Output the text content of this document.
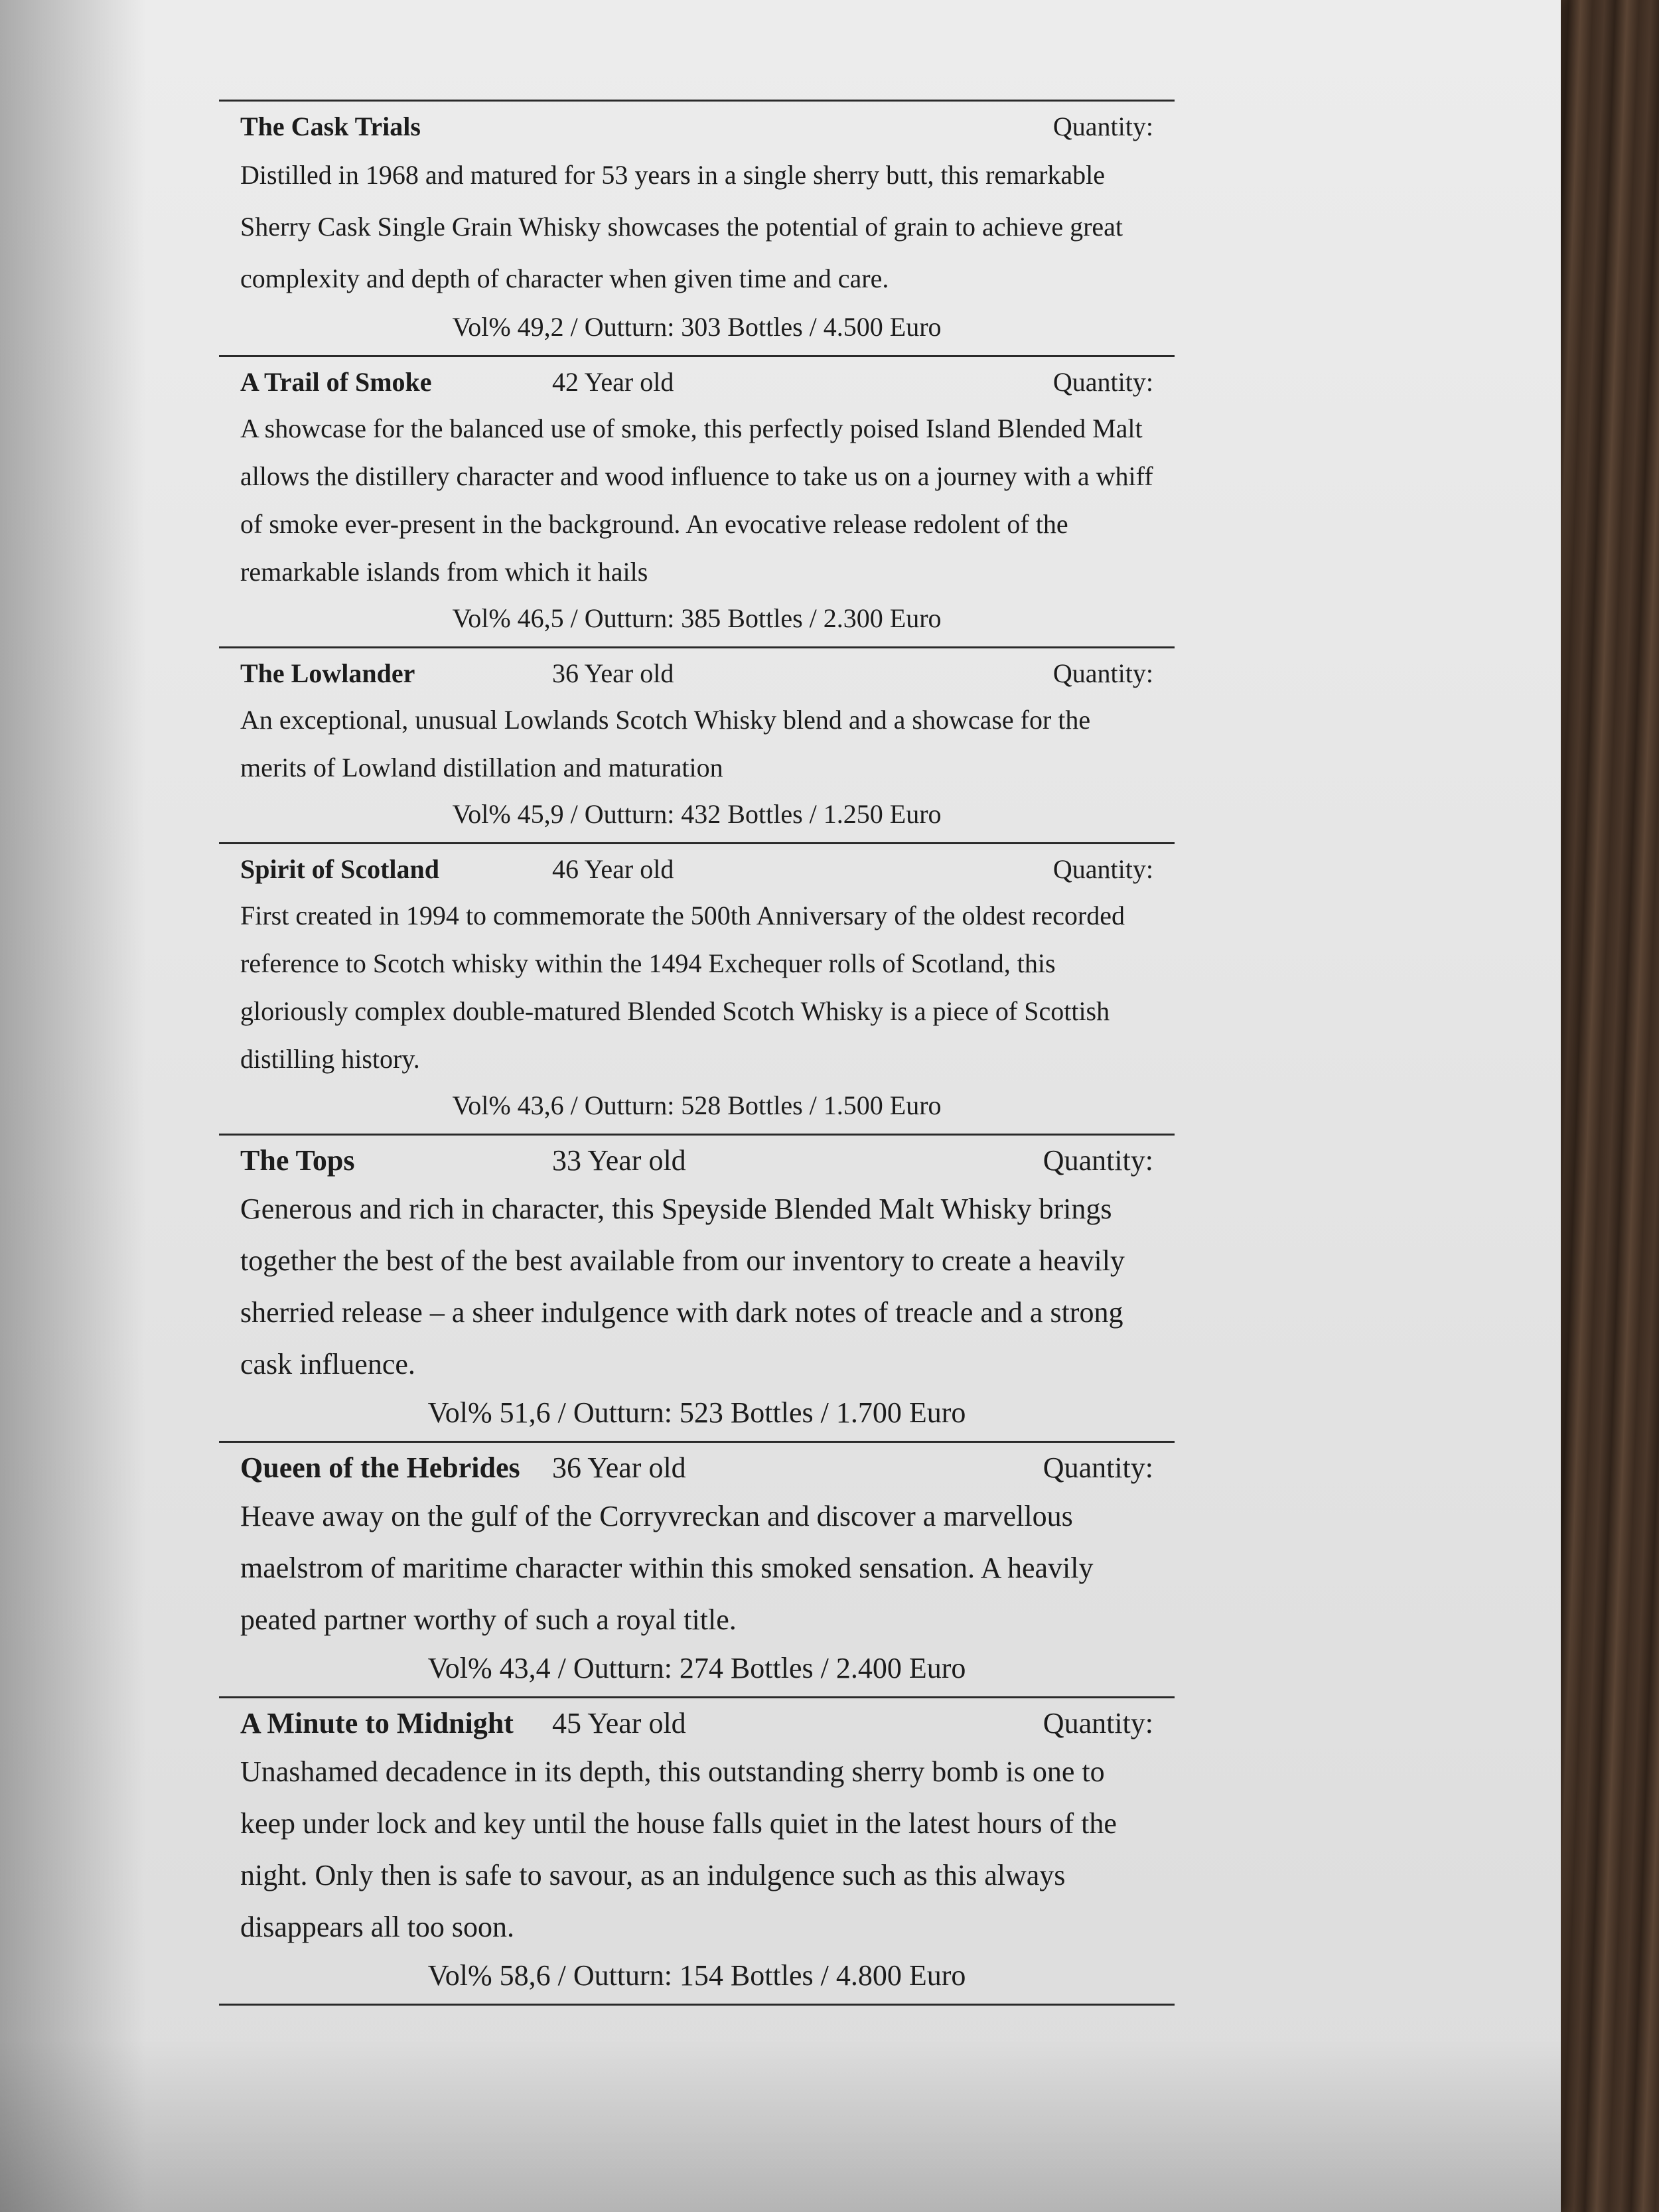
The Cask Trials	Quantity:
Distilled in 1968 and matured for 53 years in a single sherry butt, this remarkable Sherry Cask Single Grain Whisky showcases the potential of grain to achieve great complexity and depth of character when given time and care.
Vol% 49,2 / Outturn: 303 Bottles / 4.500 Euro
A Trail of Smoke	42 Year old	Quantity:
A showcase for the balanced use of smoke, this perfectly poised Island Blended Malt allows the distillery character and wood influence to take us on a journey with a whiff of smoke ever-present in the background. An evocative release redolent of the remarkable islands from which it hails
Vol% 46,5 / Outturn: 385 Bottles / 2.300 Euro
The Lowlander	36 Year old	Quantity:
An exceptional, unusual Lowlands Scotch Whisky blend and a showcase for the merits of Lowland distillation and maturation
Vol% 45,9 / Outturn: 432 Bottles / 1.250 Euro
Spirit of Scotland	46 Year old	Quantity:
First created in 1994 to commemorate the 500th Anniversary of the oldest recorded reference to Scotch whisky within the 1494 Exchequer rolls of Scotland, this gloriously complex double-matured Blended Scotch Whisky is a piece of Scottish distilling history.
Vol% 43,6 / Outturn: 528 Bottles / 1.500 Euro
The Tops	33 Year old	Quantity:
Generous and rich in character, this Speyside Blended Malt Whisky brings together the best of the best available from our inventory to create a heavily sherried release – a sheer indulgence with dark notes of treacle and a strong cask influence.
Vol% 51,6 / Outturn: 523 Bottles / 1.700 Euro
Queen of the Hebrides	36 Year old	Quantity:
Heave away on the gulf of the Corryvreckan and discover a marvellous maelstrom of maritime character within this smoked sensation. A heavily peated partner worthy of such a royal title.
Vol% 43,4 / Outturn: 274 Bottles / 2.400 Euro
A Minute to Midnight	45 Year old	Quantity:
Unashamed decadence in its depth, this outstanding sherry bomb is one to keep under lock and key until the house falls quiet in the latest hours of the night. Only then is safe to savour, as an indulgence such as this always disappears all too soon.
Vol% 58,6 / Outturn: 154 Bottles / 4.800 Euro
